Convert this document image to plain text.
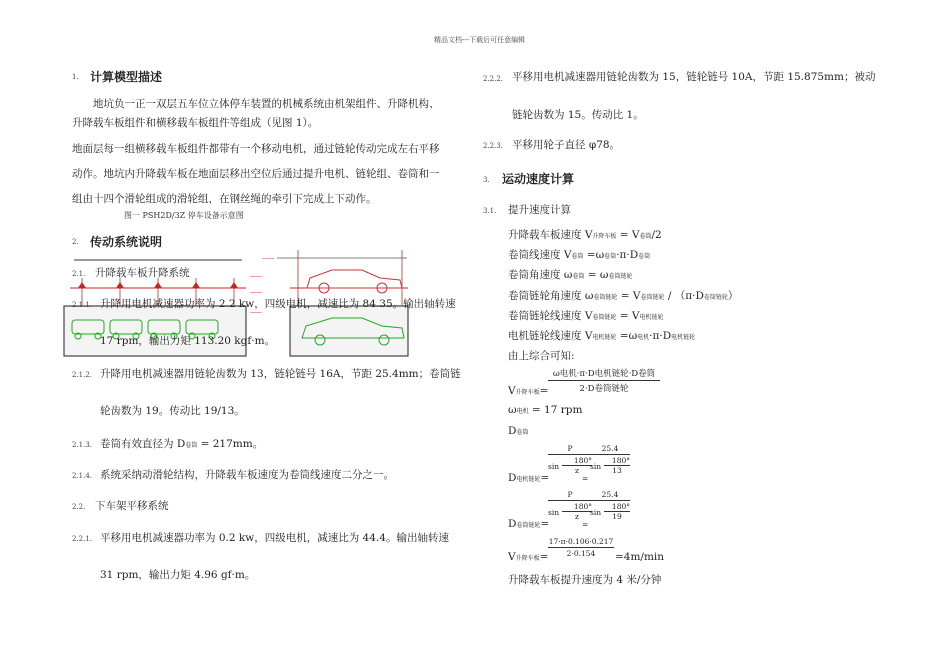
精品文档---下载后可任意编辑
1. 计算模型描述
地坑负一正一双层五车位立体停车装置的机械系统由机架组件、升降机构、
升降载车板组件和横移载车板组件等组成（见图 1）。
地面层每一组横移载车板组件都带有一个移动电机，通过链轮传动完成左右平移
动作。地坑内升降载车板在地面层移出空位后通过提升电机、链轮组、卷筒和一
组由十四个滑轮组成的滑轮组，在钢丝绳的牵引下完成上下动作。
图一 PSH2D/3Z 停车设备示意图
2. 传动系统说明
────
────
────
────
2.1. 升降载车板升降系统
2.1.1. 升降用电机减速器功率为 2.2 kw，四级电机，减速比为 84.35。输出轴转速
17 rpm，输出力矩 113.20 kgf·m。
2.1.2. 升降用电机减速器用链轮齿数为 13，链轮链号 16A，节距 25.4mm；卷筒链
轮齿数为 19。传动比 19/13。
2.1.3. 卷筒有效直径为 D卷筒 = 217mm。
2.1.4. 系统采纳动滑轮结构，升降载车板速度为卷筒线速度二分之一。
2.2. 下车架平移系统
2.2.1. 平移用电机减速器功率为 0.2 kw，四级电机，减速比为 44.4。输出轴转速
31 rpm，输出力矩 4.96 gf·m。
2.2.2. 平移用电机减速器用链轮齿数为 15，链轮链号 10A，节距 15.875mm；被动
链轮齿数为 15。传动比 1。
2.2.3. 平移用轮子直径 φ78。
3. 运动速度计算
3.1. 提升速度计算
升降载车板速度 V升降车板 = V卷筒/2
卷筒线速度 V卷筒 =ω卷筒·π·D卷筒
卷筒角速度 ω卷筒 = ω卷筒链轮
卷筒链轮角速度 ω卷筒链轮 = V卷筒链轮 / （π·D卷筒链轮）
卷筒链轮线速度 V卷筒链轮 = V电机链轮
电机链轮线速度 V电机链轮 =ω电机·π·D电机链轮
由上综合可知:
V升降车板=
ω电机·π·D电机链轮·D卷筒
2·D卷筒链轮
ω电机 = 17 rpm
D卷筒
D电机链轮=
P
sin
180°
z
=
25.4
sin
180°
13
D卷筒链轮=
P
sin
180°
z
=
25.4
sin
180°
19
V升降车板=
17·π·0.106·0.217
2·0.154	=4m/min
升降载车板提升速度为 4 米/分钟
